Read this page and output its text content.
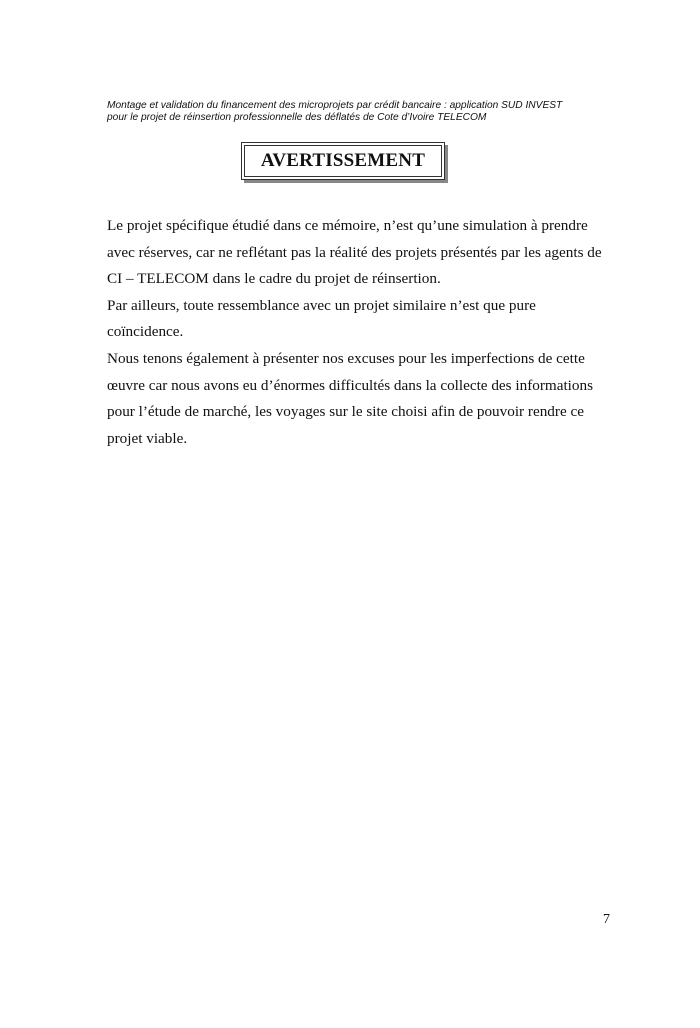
Montage et validation du financement des microprojets par crédit bancaire : application SUD INVEST
pour le projet de réinsertion professionnelle des déflatés de Cote d’Ivoire TELECOM
AVERTISSEMENT

Le projet spécifique étudié dans ce mémoire, n’est qu’une simulation à prendre

avec réserves, car ne reflétant pas la réalité des projets présentés par les agents de

CI – TELECOM dans le cadre du projet de réinsertion.

Par ailleurs, toute ressemblance avec un projet similaire n’est que pure

coïncidence.

Nous tenons également à présenter nos excuses pour les imperfections de cette

œuvre car nous avons eu d’énormes difficultés dans la collecte des informations

pour l’étude de marché, les voyages sur le site choisi afin de pouvoir rendre ce

projet viable.

7
